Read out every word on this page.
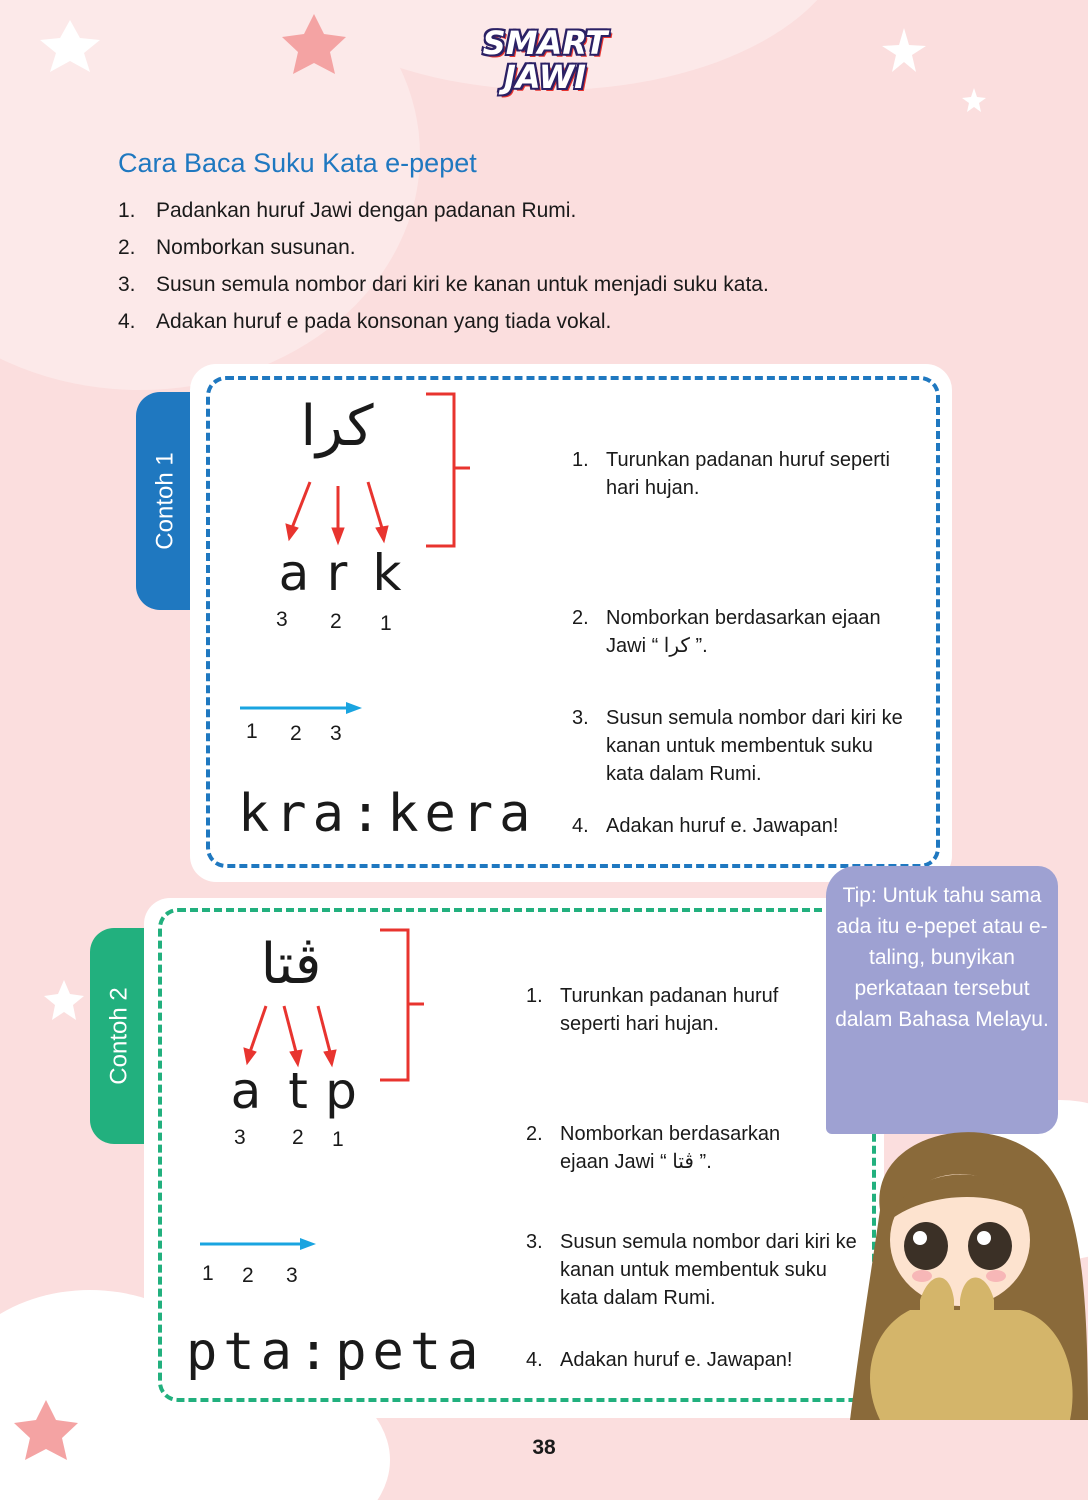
SMART
JAWI
Cara Baca Suku Kata e-pepet
1. Padankan huruf Jawi dengan padanan Rumi.
2. Nomborkan susunan.
3. Susun semula nombor dari kiri ke kanan untuk menjadi suku kata.
4. Adakan huruf e pada konsonan yang tiada vokal.
Contoh 1
كرا
a r k
3 2 1
1 2 3
kra:kera
1. Turunkan padanan huruf seperti hari hujan.
2. Nomborkan berdasarkan ejaan Jawi “ كرا ”.
3. Susun semula nombor dari kiri ke kanan untuk membentuk suku kata dalam Rumi.
4. Adakan huruf e. Jawapan!
Contoh 2
ڤتا
a t p
3 2 1
1 2 3
pta:peta
1. Turunkan padanan huruf seperti hari hujan.
2. Nomborkan berdasarkan ejaan Jawi “ ڤتا ”.
3. Susun semula nombor dari kiri ke kanan untuk membentuk suku kata dalam Rumi.
4. Adakan huruf e. Jawapan!
Tip: Untuk tahu sama ada itu e-pepet atau e-taling, bunyikan perkataan tersebut dalam Bahasa Melayu.
38
